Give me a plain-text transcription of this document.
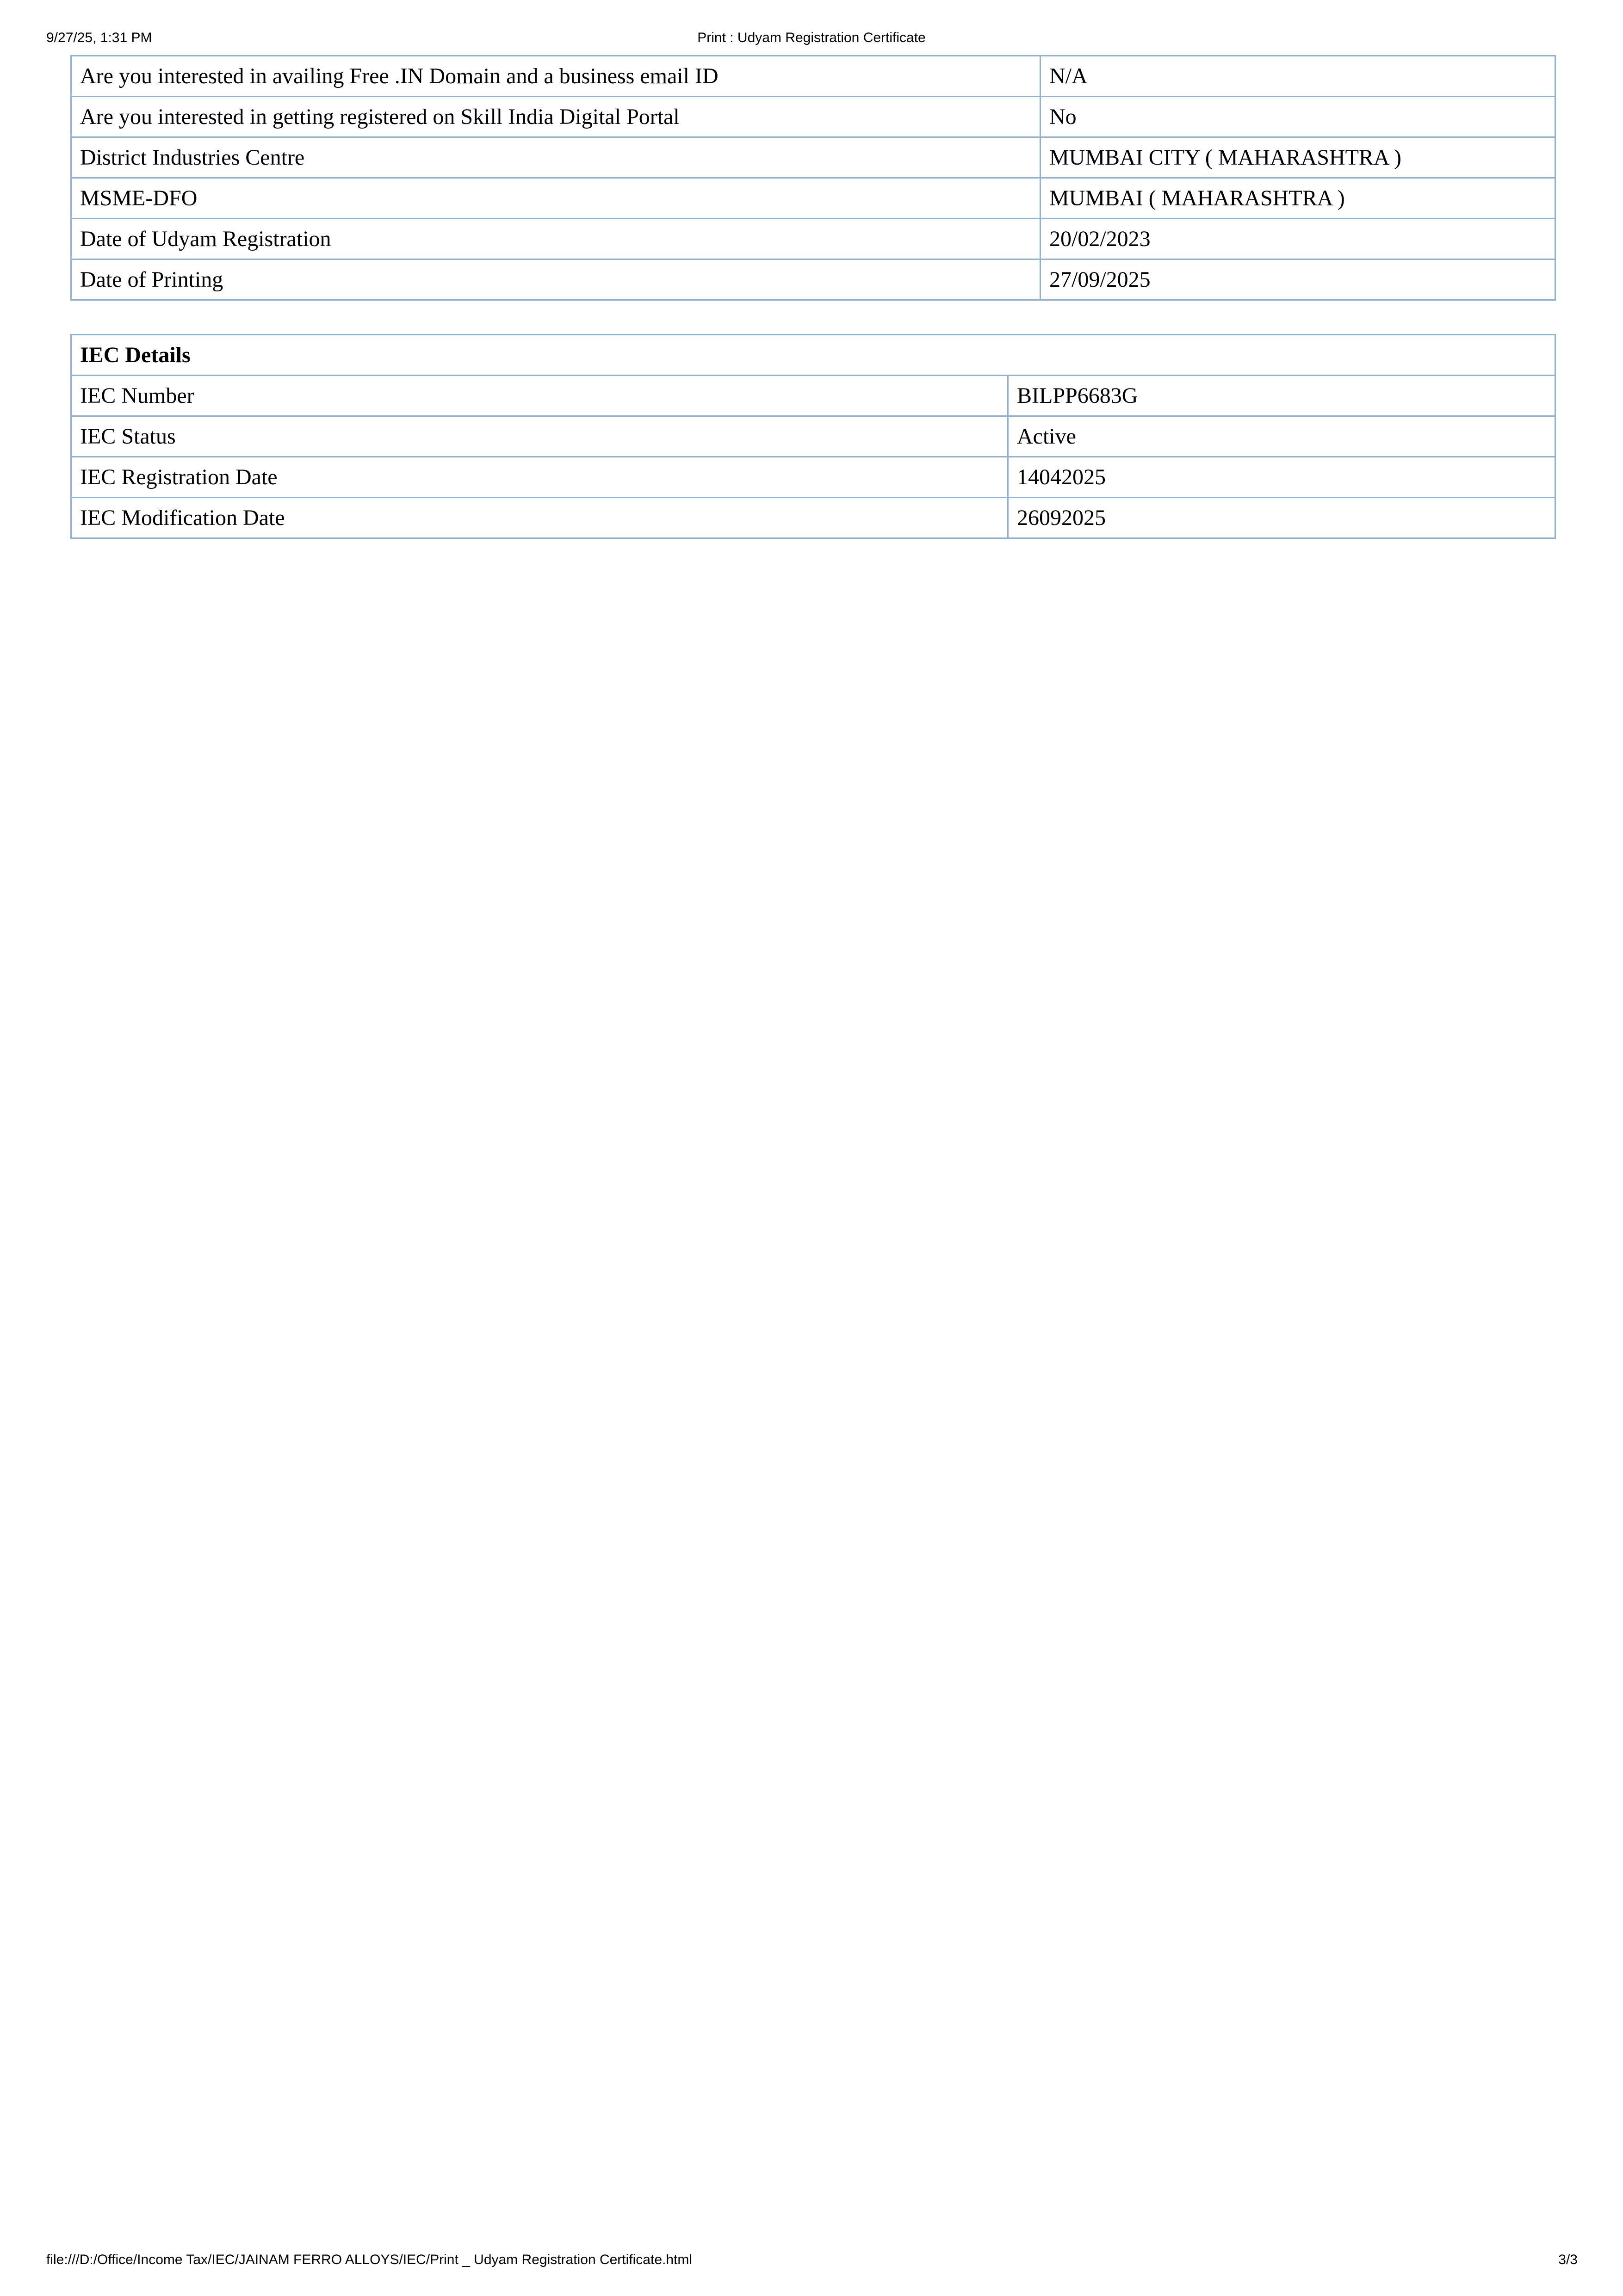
9/27/25, 1:31 PM	Print : Udyam Registration Certificate
Are you interested in availing Free .IN Domain and a business email ID	N/A
Are you interested in getting registered on Skill India Digital Portal	No
District Industries Centre	MUMBAI CITY ( MAHARASHTRA )
MSME-DFO	MUMBAI ( MAHARASHTRA )
Date of Udyam Registration	20/02/2023
Date of Printing	27/09/2025
IEC Details	
IEC Number	BILPP6683G
IEC Status	Active
IEC Registration Date	14042025
IEC Modification Date	26092025
file:///D:/Office/Income Tax/IEC/JAINAM FERRO ALLOYS/IEC/Print _ Udyam Registration Certificate.html	3/3
